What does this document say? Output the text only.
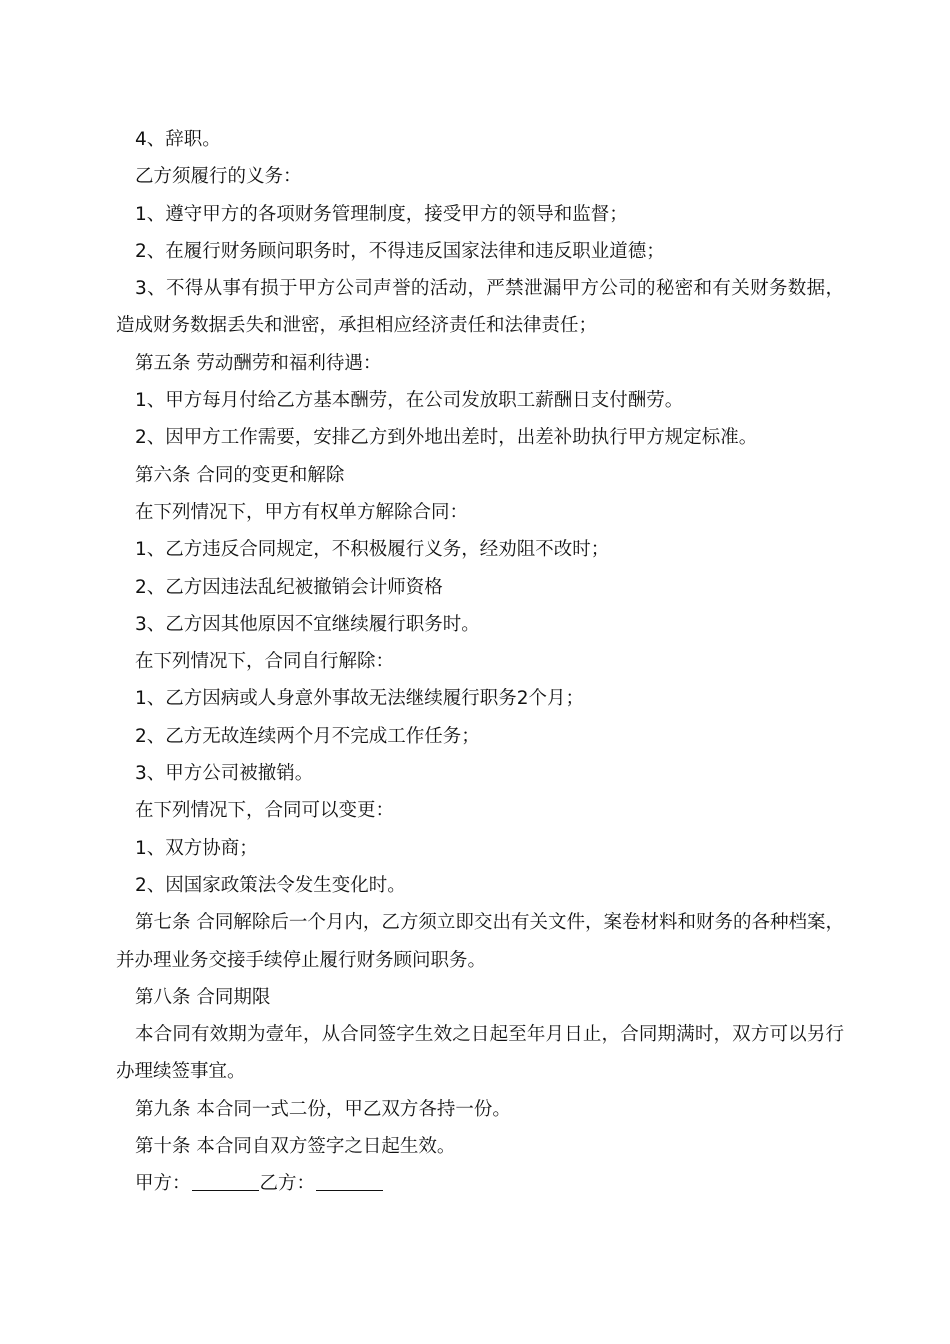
4、辞职。

乙方须履行的义务：

1、遵守甲方的各项财务管理制度，接受甲方的领导和监督；

2、在履行财务顾问职务时，不得违反国家法律和违反职业道德；

3、不得从事有损于甲方公司声誉的活动，严禁泄漏甲方公司的秘密和有关财务数据，造成财务数据丢失和泄密，承担相应经济责任和法律责任；

第五条 劳动酬劳和福利待遇：

1、甲方每月付给乙方基本酬劳，在公司发放职工薪酬日支付酬劳。

2、因甲方工作需要，安排乙方到外地出差时，出差补助执行甲方规定标准。

第六条 合同的变更和解除

在下列情况下，甲方有权单方解除合同：

1、乙方违反合同规定，不积极履行义务，经劝阻不改时；

2、乙方因违法乱纪被撤销会计师资格

3、乙方因其他原因不宜继续履行职务时。

在下列情况下，合同自行解除：

1、乙方因病或人身意外事故无法继续履行职务2个月；

2、乙方无故连续两个月不完成工作任务；

3、甲方公司被撤销。

在下列情况下，合同可以变更：

1、双方协商；

2、因国家政策法令发生变化时。

第七条 合同解除后一个月内，乙方须立即交出有关文件，案卷材料和财务的各种档案，并办理业务交接手续停止履行财务顾问职务。

第八条 合同期限

本合同有效期为壹年，从合同签字生效之日起至年月日止，合同期满时，双方可以另行办理续签事宜。

第九条 本合同一式二份，甲乙双方各持一份。

第十条 本合同自双方签字之日起生效。

甲方：	乙方：
